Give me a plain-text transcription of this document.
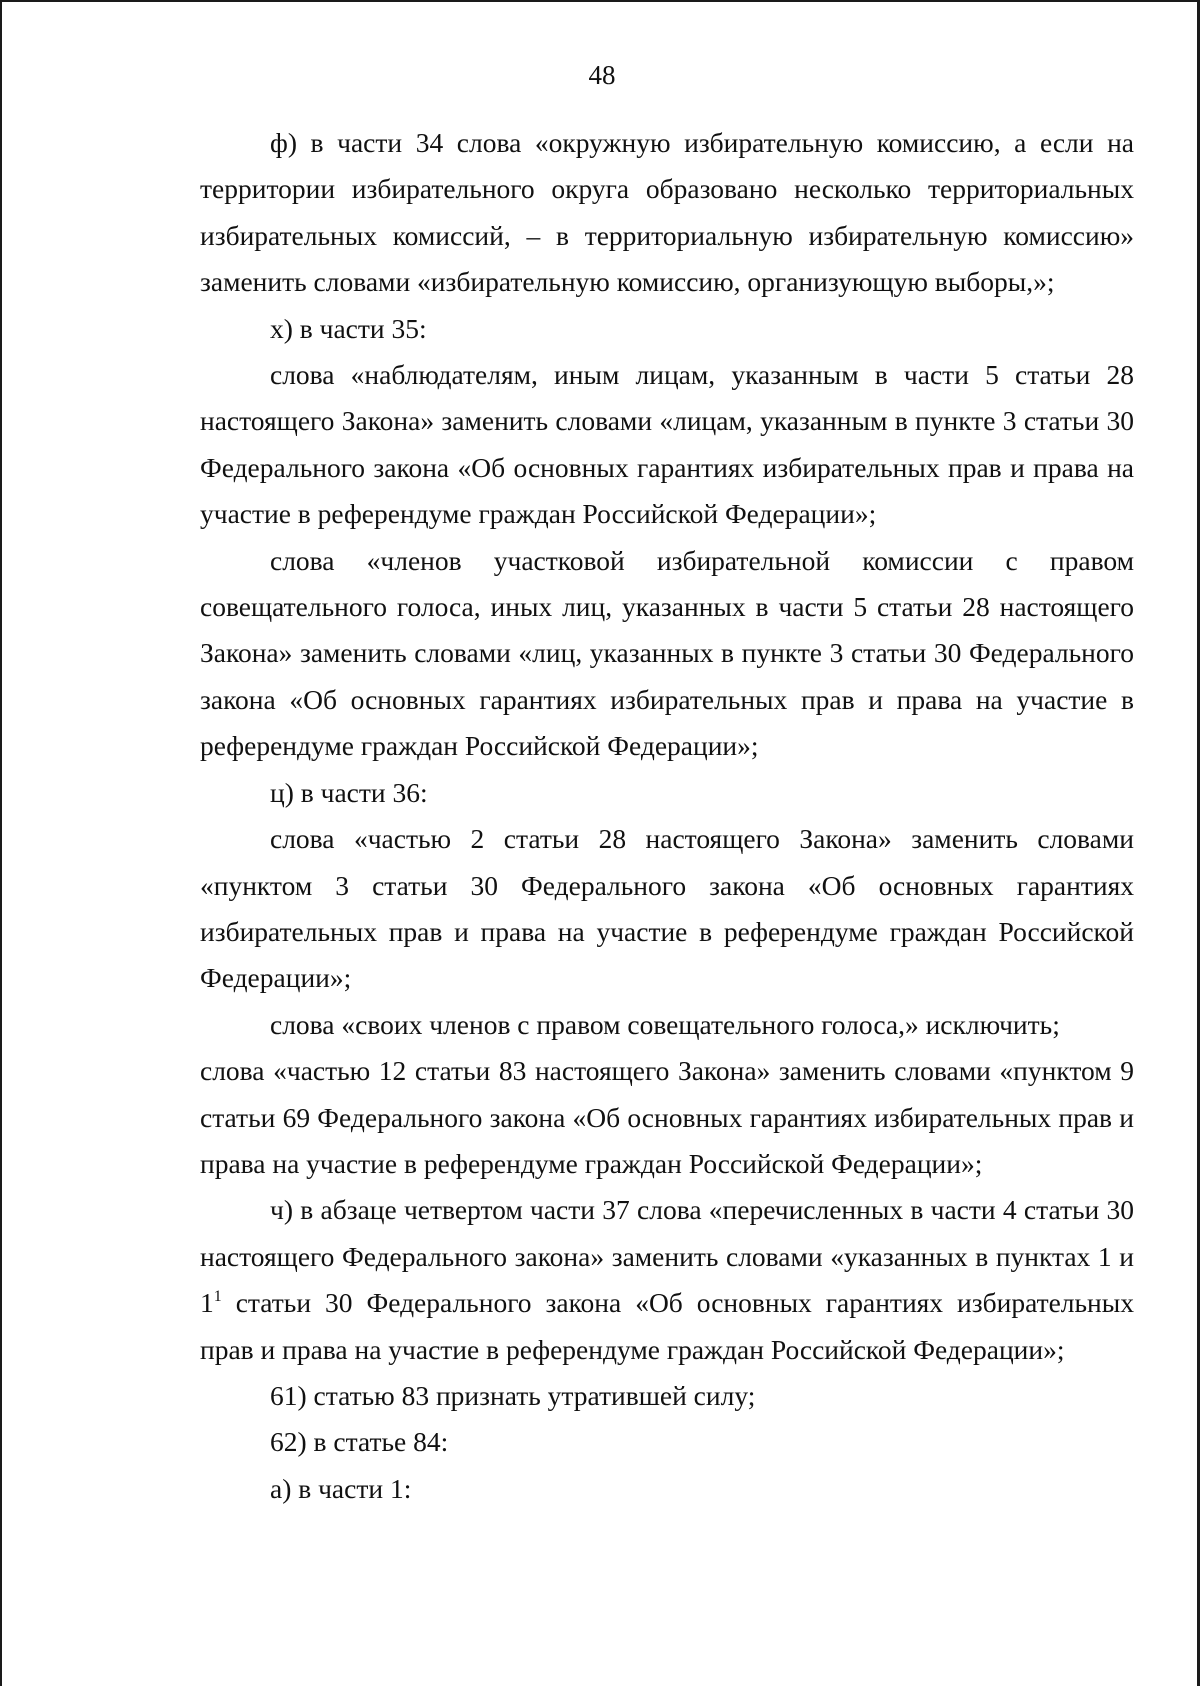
48

ф) в части 34 слова «окружную избирательную комиссию, а если на территории избирательного округа образовано несколько территориальных избирательных комиссий, – в территориальную избирательную комиссию» заменить словами «избирательную комиссию, организующую выборы,»;

х) в части 35:

слова «наблюдателям, иным лицам, указанным в части 5 статьи 28 настоящего Закона» заменить словами «лицам, указанным в пункте 3 статьи 30 Федерального закона «Об основных гарантиях избирательных прав и права на участие в референдуме граждан Российской Федерации»;

слова «членов участковой избирательной комиссии с правом совещательного голоса, иных лиц, указанных в части 5 статьи 28 настоящего Закона» заменить словами «лиц, указанных в пункте 3 статьи 30 Федерального закона «Об основных гарантиях избирательных прав и права на участие в референдуме граждан Российской Федерации»;

ц) в части 36:

слова «частью 2 статьи 28 настоящего Закона» заменить словами «пунктом 3 статьи 30 Федерального закона «Об основных гарантиях избирательных прав и права на участие в референдуме граждан Российской Федерации»;

слова «своих членов с правом совещательного голоса,» исключить;

слова «частью 12 статьи 83 настоящего Закона» заменить словами «пунктом 9 статьи 69 Федерального закона «Об основных гарантиях избирательных прав и права на участие в референдуме граждан Российской Федерации»;

ч) в абзаце четвертом части 37 слова «перечисленных в части 4 статьи 30 настоящего Федерального закона» заменить словами «указанных в пунктах 1 и $1^1$ статьи 30 Федерального закона «Об основных гарантиях избирательных прав и права на участие в референдуме граждан Российской Федерации»;

61) статью 83 признать утратившей силу;

62) в статье 84:

а) в части 1:
